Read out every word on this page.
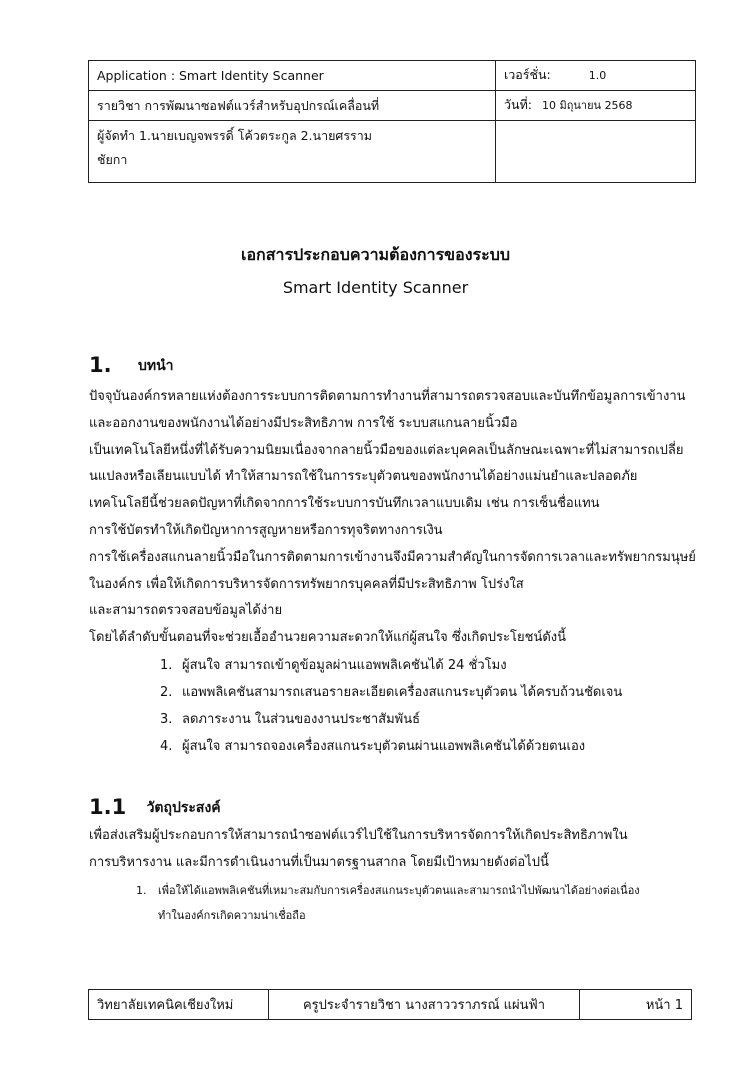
Application : Smart Identity Scanner	เวอร์ชั่น: 1.0
รายวิชา การพัฒนาซอฟต์แวร์สำหรับอุปกรณ์เคลื่อนที่	วันที่: 10 มิถุนายน 2568

ผู้จัดทำ 1.นายเบญจพรรดิ์ โค้วตระกูล 2.นายศรราม
ชัยกา	

เอกสารประกอบความต้องการของระบบ

Smart Identity Scanner

1. บทนำ
ปัจจุบันองค์กรหลายแห่งต้องการระบบการติดตามการทำงานที่สามารถตรวจสอบและบันทึกข้อมูลการเข้างาน
และออกงานของพนักงานได้อย่างมีประสิทธิภาพ การใช้ ระบบสแกนลายนิ้วมือ
เป็นเทคโนโลยีหนึ่งที่ได้รับความนิยมเนื่องจากลายนิ้วมือของแต่ละบุคคลเป็นลักษณะเฉพาะที่ไม่สามารถเปลี่ย
นแปลงหรือเลียนแบบได้ ทำให้สามารถใช้ในการระบุตัวตนของพนักงานได้อย่างแม่นยำและปลอดภัย
เทคโนโลยีนี้ช่วยลดปัญหาที่เกิดจากการใช้ระบบการบันทึกเวลาแบบเดิม เช่น การเซ็นชื่อแทน
การใช้บัตรทำให้เกิดปัญหาการสูญหายหรือการทุจริตทางการเงิน
การใช้เครื่องสแกนลายนิ้วมือในการติดตามการเข้างานจึงมีความสำคัญในการจัดการเวลาและทรัพยากรมนุษย์
ในองค์กร เพื่อให้เกิดการบริหารจัดการทรัพยากรบุคคลที่มีประสิทธิภาพ โปร่งใส
และสามารถตรวจสอบข้อมูลได้ง่าย
โดยได้ลำดับขั้นตอนที่จะช่วยเอื้ออำนวยความสะดวกให้แก่ผู้สนใจ ซึ่งเกิดประโยชน์ดังนี้
1. ผู้สนใจ สามารถเข้าดูข้อมูลผ่านแอพพลิเคชันได้ 24 ชั่วโมง
2. แอพพลิเคชันสามารถเสนอรายละเอียดเครื่องสแกนระบุตัวตน ได้ครบถ้วนชัดเจน
3. ลดภาระงาน ในส่วนของงานประชาสัมพันธ์
4. ผู้สนใจ สามารถจองเครื่องสแกนระบุตัวตนผ่านแอพพลิเคชันได้ด้วยตนเอง
1.1 วัตถุประสงค์
เพื่อส่งเสริมผู้ประกอบการให้สามารถนำซอฟต์แวร์ไปใช้ในการบริหารจัดการให้เกิดประสิทธิภาพใน
การบริหารงาน และมีการดำเนินงานที่เป็นมาตรฐานสากล โดยมีเป้าหมายดังต่อไปนี้
1. เพื่อให้ได้แอพพลิเคชันที่เหมาะสมกับการเครื่องสแกนระบุตัวตนและสามารถนำไปพัฒนาได้อย่างต่อเนื่อง
ทำในองค์กรเกิดความน่าเชื่อถือ
วิทยาลัยเทคนิคเชียงใหม่	ครูประจำรายวิชา นางสาววราภรณ์ แผ่นฟ้า	หน้า 1
